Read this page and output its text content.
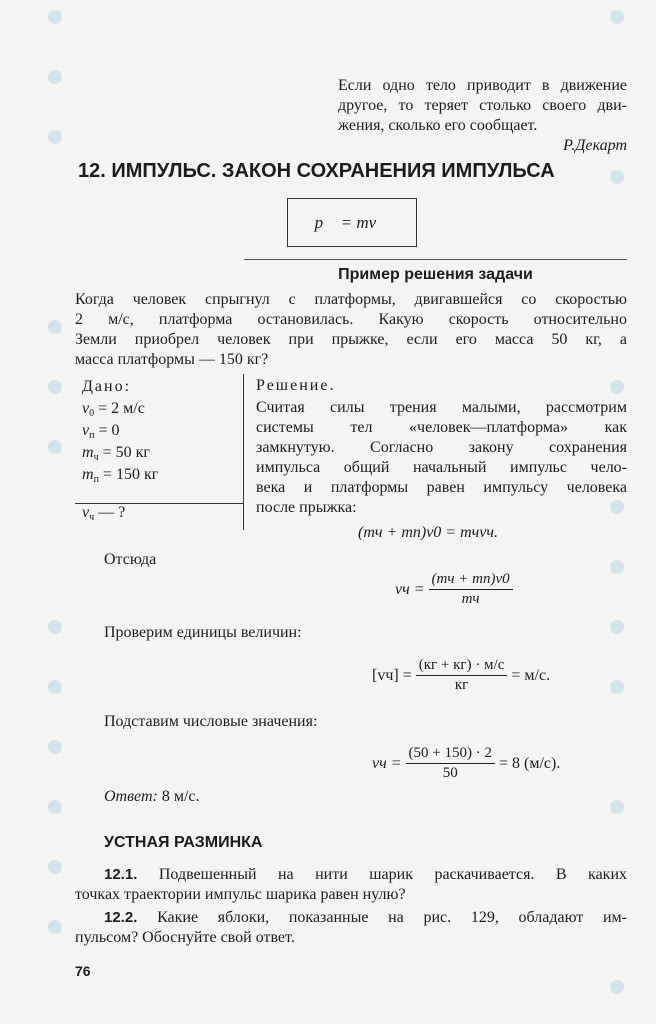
Если одно тело приводит в движение
другое, то теряет столько своего дви-
жения, сколько его сообщает.
Р.Декарт
12. ИМПУЛЬС. ЗАКОН СОХРАНЕНИЯ ИМПУЛЬСА
p⃗ = mv⃗
Пример решения задачи
Когда человек спрыгнул с платформы, двигавшейся со скоростью
2 м/с, платформа остановилась. Какую скорость относительно
Земли приобрел человек при прыжке, если его масса 50 кг, а
масса платформы — 150 кг?
Дано:
$v_0 = 2$ м/с
$v_п = 0$
$m_ч = 50$ кг
$m_п = 150$ кг
$v_ч$ — ?
Решение.
Считая силы трения малыми, рассмотрим
системы тел «человек—платформа» как
замкнутую. Согласно закону сохранения
импульса общий начальный импульс чело-
века и платформы равен импульсу человека
после прыжка:
(mч + mп)v0 = mчvч.
Отсюда
vч = $\frac{(mч + mп)v0}{mч}$
Проверим единицы величин:
$[vч] = \frac{(кг + кг) \cdot м/с}{кг} = м/с$.
Подставим числовые значения:
vч = $\frac{(50 + 150) \cdot 2}{50} = 8$ (м/с).
Ответ: 8 м/с.
УСТНАЯ РАЗМИНКА
12.1. Подвешенный на нити шарик раскачивается. В каких
точках траектории импульс шарика равен нулю?
12.2. Какие яблоки, показанные на рис. 129, обладают им-
пульсом? Обоснуйте свой ответ.
76
